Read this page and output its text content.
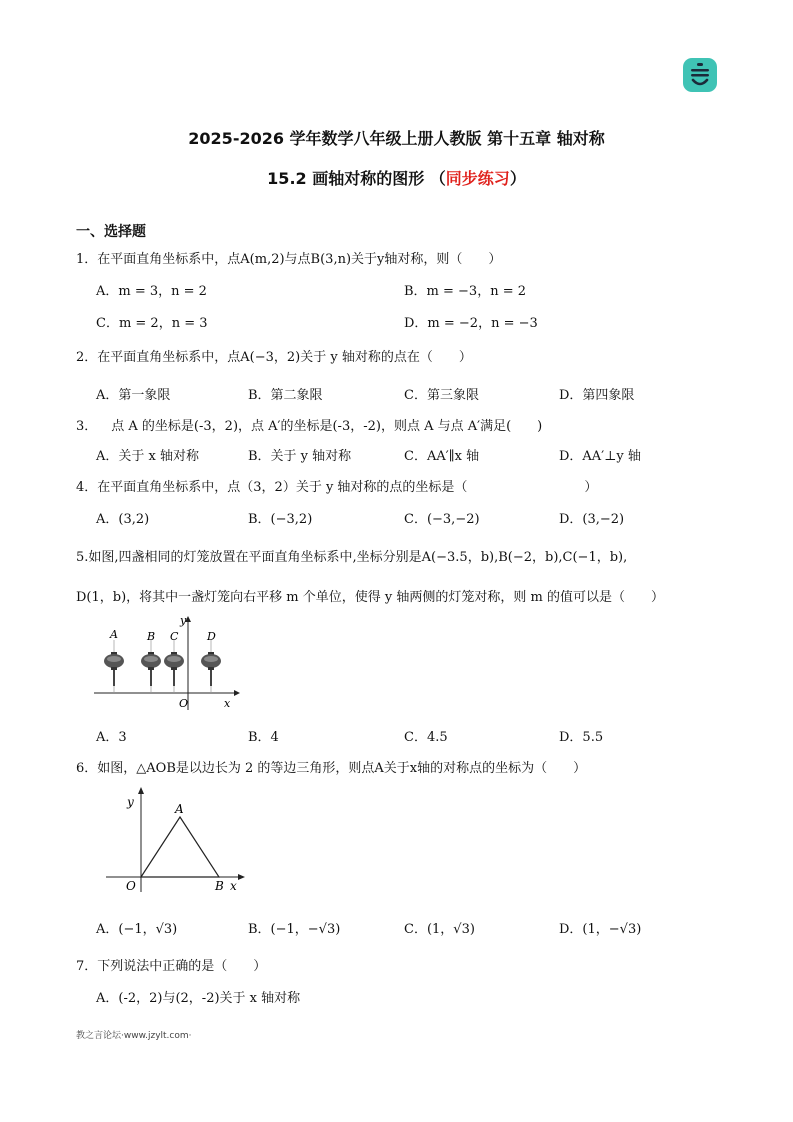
2025-2026 学年数学八年级上册人教版 第十五章 轴对称
15.2 画轴对称的图形 （同步练习）
一、选择题
1．在平面直角坐标系中，点A(m,2)与点B(3,n)关于y轴对称，则（　　）
A．m = 3，n = 2	B．m = −3，n = 2
C．m = 2，n = 3	D．m = −2，n = −3
2．在平面直角坐标系中，点A(−3，2)关于 y 轴对称的点在（　　）
A．第一象限	B．第二象限	C．第三象限	D．第四象限
3． 点 A 的坐标是(-3，2)，点 A′的坐标是(-3，-2)，则点 A 与点 A′满足(　　)
A．关于 x 轴对称	B．关于 y 轴对称	C．AA′∥x 轴	D．AA′⊥y 轴
4．在平面直角坐标系中，点（3，2）关于 y 轴对称的点的坐标是（　　　　　　　　　）
A．(3,2)	B．(−3,2)	C．(−3,−2)	D．(3,−2)
5.如图,四盏相同的灯笼放置在平面直角坐标系中,坐标分别是A(−3.5，b),B(−2，b),C(−1，b),
D(1，b)，将其中一盏灯笼向右平移 m 个单位，使得 y 轴两侧的灯笼对称，则 m 的值可以是（　　）
y
x
O
A	B C	D
A．3	B．4	C．4.5	D．5.5
6．如图，△AOB是以边长为 2 的等边三角形，则点A关于x轴的对称点的坐标为（　　）
y	A
O	B x
A．(−1，√3)	B．(−1，−√3)	C．(1，√3)	D．(1，−√3)
7．下列说法中正确的是（　　）
A．(-2，2)与(2，-2)关于 x 轴对称
教之言论坛·www.jzylt.com·
